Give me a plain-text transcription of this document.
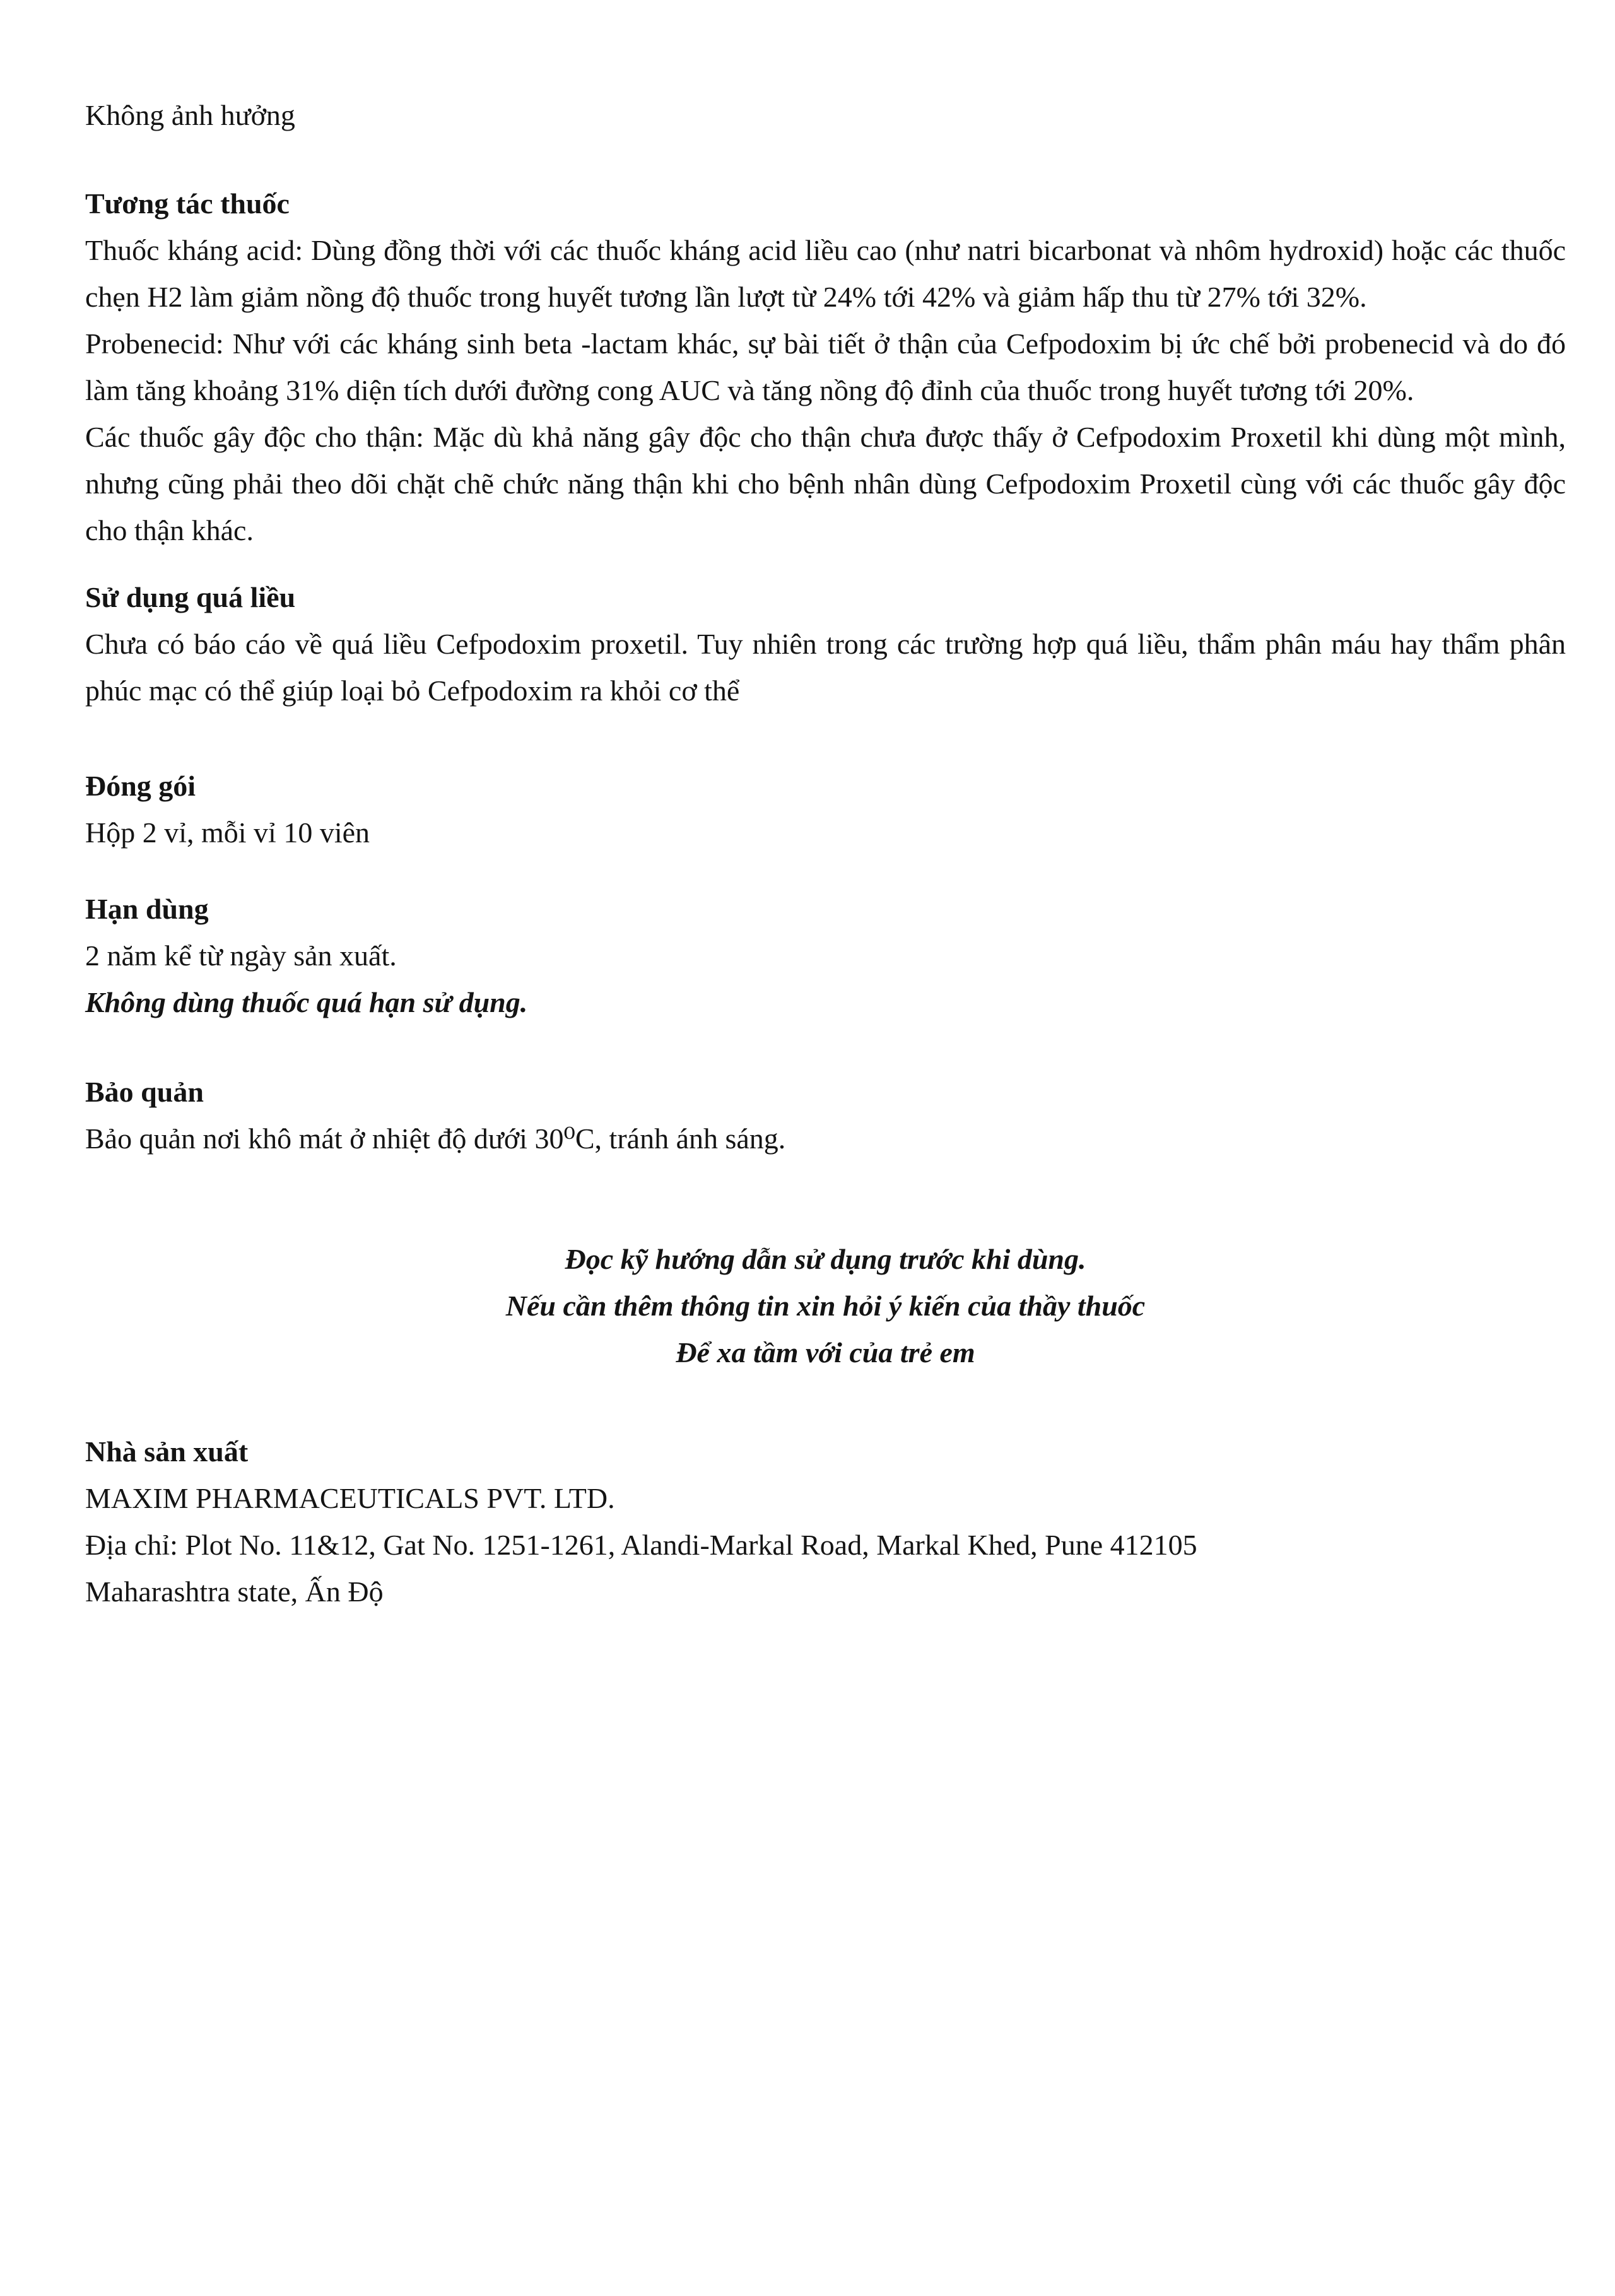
Không ảnh hưởng

Tương tác thuốc

Thuốc kháng acid: Dùng đồng thời với các thuốc kháng acid liều cao (như natri bicarbonat và nhôm hydroxid) hoặc các thuốc chẹn H2 làm giảm nồng độ thuốc trong huyết tương lần lượt từ 24% tới 42% và giảm hấp thu từ 27% tới 32%.

Probenecid: Như với các kháng sinh beta -lactam khác, sự bài tiết ở thận của Cefpodoxim bị ức chế bởi probenecid và do đó làm tăng khoảng 31% diện tích dưới đường cong AUC và tăng nồng độ đỉnh của thuốc trong huyết tương tới 20%.

Các thuốc gây độc cho thận: Mặc dù khả năng gây độc cho thận chưa được thấy ở Cefpodoxim Proxetil khi dùng một mình, nhưng cũng phải theo dõi chặt chẽ chức năng thận khi cho bệnh nhân dùng Cefpodoxim Proxetil cùng với các thuốc gây độc cho thận khác.

Sử dụng quá liều

Chưa có báo cáo về quá liều Cefpodoxim proxetil. Tuy nhiên trong các trường hợp quá liều, thẩm phân máu hay thẩm phân phúc mạc có thể giúp loại bỏ Cefpodoxim ra khỏi cơ thể

Đóng gói

Hộp 2 vỉ, mỗi vỉ 10 viên

Hạn dùng

2 năm kể từ ngày sản xuất.

Không dùng thuốc quá hạn sử dụng.

Bảo quản

Bảo quản nơi khô mát ở nhiệt độ dưới 30⁰C, tránh ánh sáng.

Đọc kỹ hướng dẫn sử dụng trước khi dùng.

Nếu cần thêm thông tin xin hỏi ý kiến của thầy thuốc

Để xa tầm với của trẻ em

Nhà sản xuất

MAXIM PHARMACEUTICALS PVT. LTD.

Địa chỉ: Plot No. 11&12, Gat No. 1251-1261, Alandi-Markal Road, Markal Khed, Pune 412105

Maharashtra state, Ấn Độ
